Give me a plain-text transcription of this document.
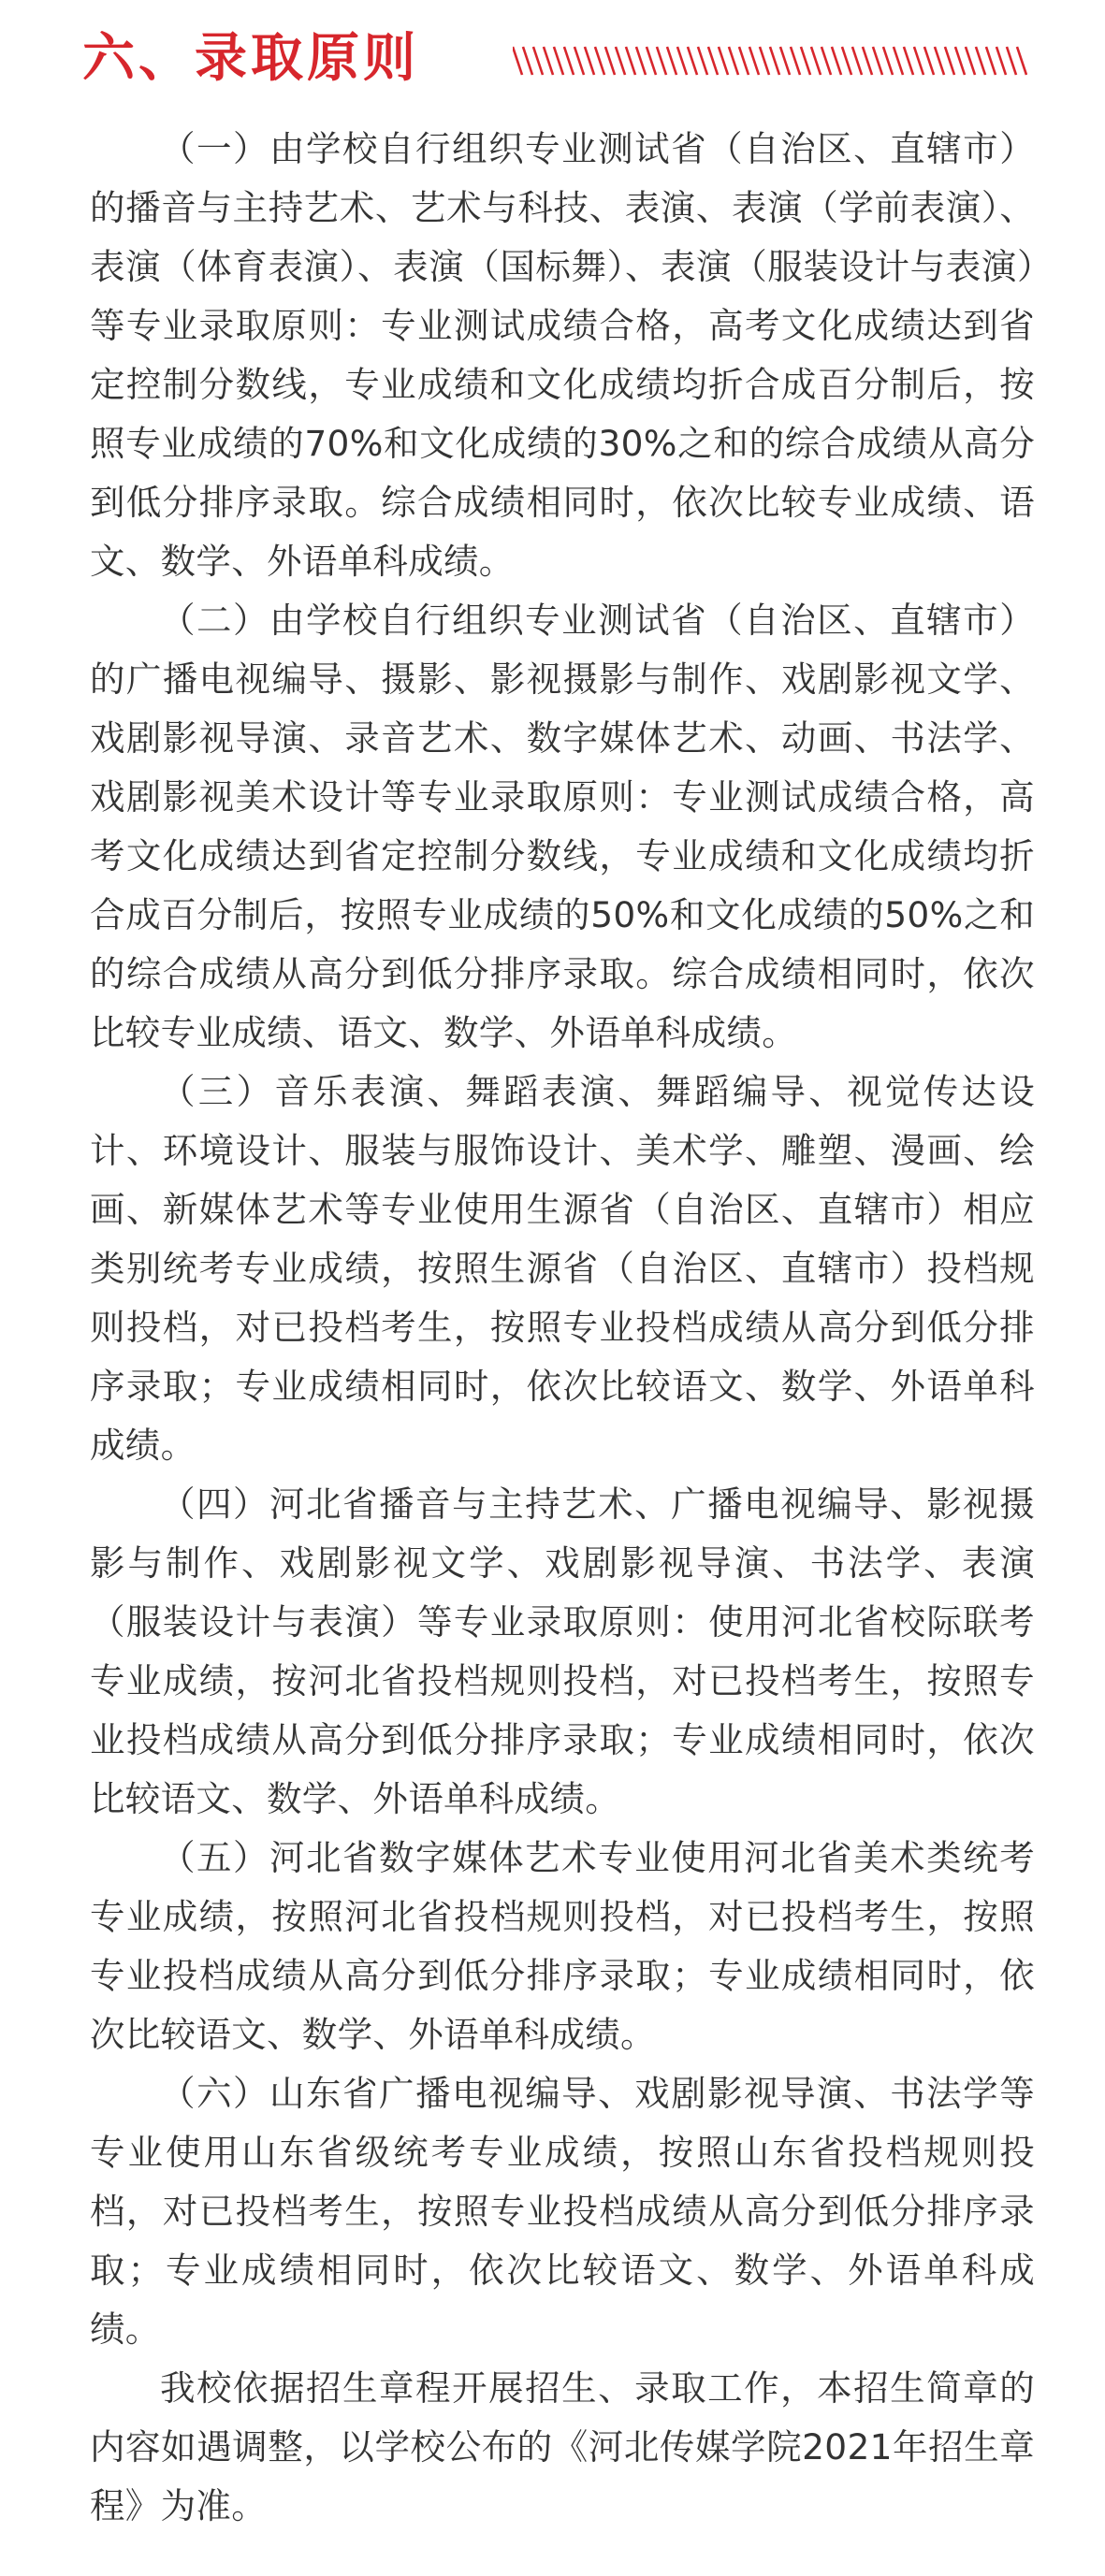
六、录取原则

（一）由学校自行组织专业测试省（自治区、直辖市）的播音与主持艺术、艺术与科技、表演、表演（学前表演）、表演（体育表演）、表演（国标舞）、表演（服装设计与表演）等专业录取原则：专业测试成绩合格，高考文化成绩达到省定控制分数线，专业成绩和文化成绩均折合成百分制后，按照专业成绩的70%和文化成绩的30%之和的综合成绩从高分到低分排序录取。综合成绩相同时，依次比较专业成绩、语文、数学、外语单科成绩。

（二）由学校自行组织专业测试省（自治区、直辖市）的广播电视编导、摄影、影视摄影与制作、戏剧影视文学、戏剧影视导演、录音艺术、数字媒体艺术、动画、书法学、戏剧影视美术设计等专业录取原则：专业测试成绩合格，高考文化成绩达到省定控制分数线，专业成绩和文化成绩均折合成百分制后，按照专业成绩的50%和文化成绩的50%之和的综合成绩从高分到低分排序录取。综合成绩相同时，依次比较专业成绩、语文、数学、外语单科成绩。

（三）音乐表演、舞蹈表演、舞蹈编导、视觉传达设计、环境设计、服装与服饰设计、美术学、雕塑、漫画、绘画、新媒体艺术等专业使用生源省（自治区、直辖市）相应类别统考专业成绩，按照生源省（自治区、直辖市）投档规则投档，对已投档考生，按照专业投档成绩从高分到低分排序录取；专业成绩相同时，依次比较语文、数学、外语单科成绩。

（四）河北省播音与主持艺术、广播电视编导、影视摄影与制作、戏剧影视文学、戏剧影视导演、书法学、表演（服装设计与表演）等专业录取原则：使用河北省校际联考专业成绩，按河北省投档规则投档，对已投档考生，按照专业投档成绩从高分到低分排序录取；专业成绩相同时，依次比较语文、数学、外语单科成绩。

（五）河北省数字媒体艺术专业使用河北省美术类统考专业成绩，按照河北省投档规则投档，对已投档考生，按照专业投档成绩从高分到低分排序录取；专业成绩相同时，依次比较语文、数学、外语单科成绩。

（六）山东省广播电视编导、戏剧影视导演、书法学等专业使用山东省级统考专业成绩，按照山东省投档规则投档，对已投档考生，按照专业投档成绩从高分到低分排序录取；专业成绩相同时，依次比较语文、数学、外语单科成绩。

我校依据招生章程开展招生、录取工作，本招生简章的内容如遇调整，以学校公布的《河北传媒学院2021年招生章程》为准。
